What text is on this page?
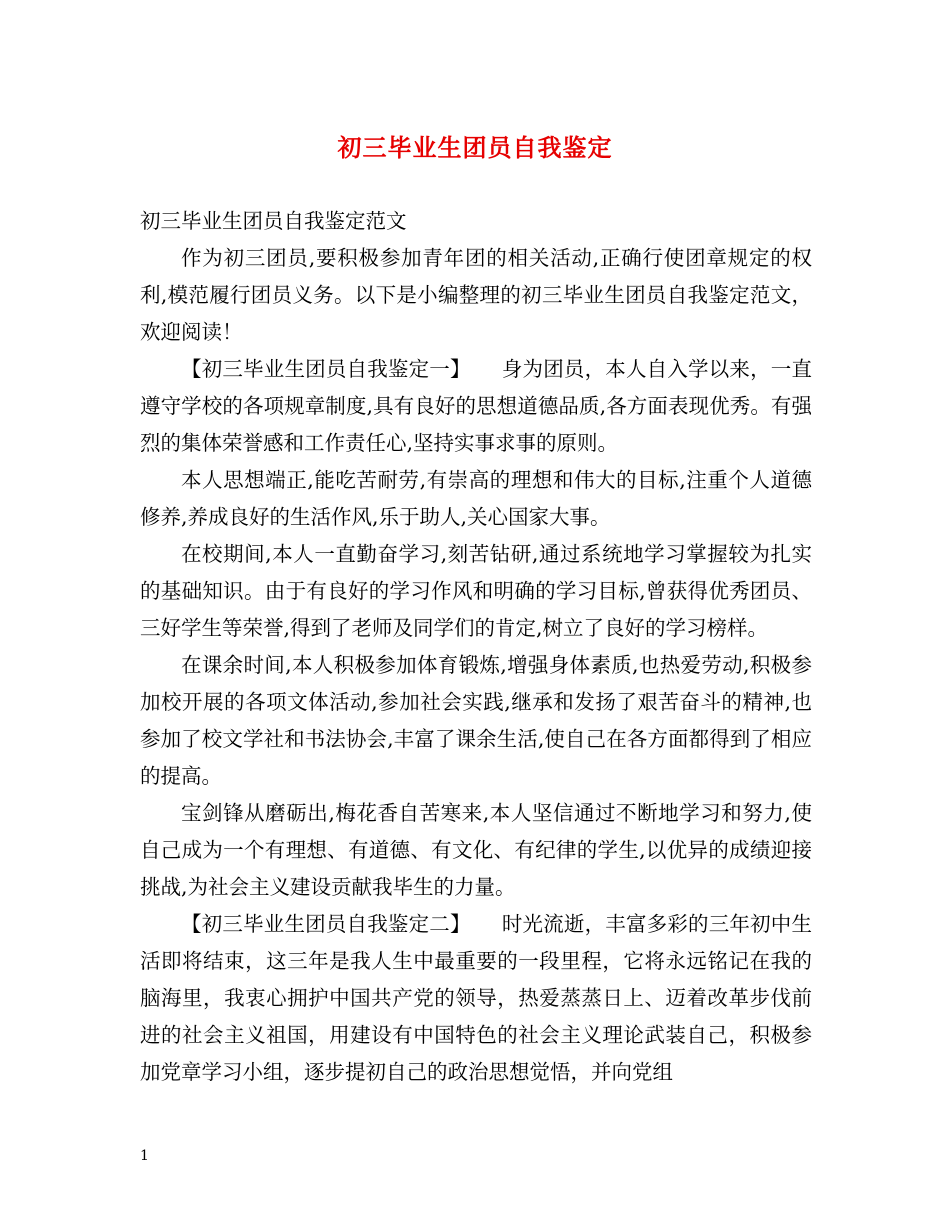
初三毕业生团员自我鉴定

初三毕业生团员自我鉴定范文

作为初三团员,要积极参加青年团的相关活动,正确行使团章规定的权利,模范履行团员义务。以下是小编整理的初三毕业生团员自我鉴定范文，欢迎阅读！

【初三毕业生团员自我鉴定一】　　身为团员，本人自入学以来，一直遵守学校的各项规章制度,具有良好的思想道德品质,各方面表现优秀。有强烈的集体荣誉感和工作责任心,坚持实事求事的原则。

本人思想端正,能吃苦耐劳,有崇高的理想和伟大的目标,注重个人道德修养,养成良好的生活作风,乐于助人,关心国家大事。

在校期间,本人一直勤奋学习,刻苦钻研,通过系统地学习掌握较为扎实的基础知识。由于有良好的学习作风和明确的学习目标,曾获得优秀团员、三好学生等荣誉,得到了老师及同学们的肯定,树立了良好的学习榜样。

在课余时间,本人积极参加体育锻炼,增强身体素质,也热爱劳动,积极参加校开展的各项文体活动,参加社会实践,继承和发扬了艰苦奋斗的精神,也参加了校文学社和书法协会,丰富了课余生活,使自己在各方面都得到了相应的提高。

宝剑锋从磨砺出,梅花香自苦寒来,本人坚信通过不断地学习和努力,使自己成为一个有理想、有道德、有文化、有纪律的学生,以优异的成绩迎接挑战,为社会主义建设贡献我毕生的力量。

【初三毕业生团员自我鉴定二】　　时光流逝，丰富多彩的三年初中生活即将结束，这三年是我人生中最重要的一段里程，它将永远铭记在我的脑海里，我衷心拥护中国共产党的领导，热爱蒸蒸日上、迈着改革步伐前进的社会主义祖国，用建设有中国特色的社会主义理论武装自己，积极参加党章学习小组，逐步提初自己的政治思想觉悟，并向党组

1
